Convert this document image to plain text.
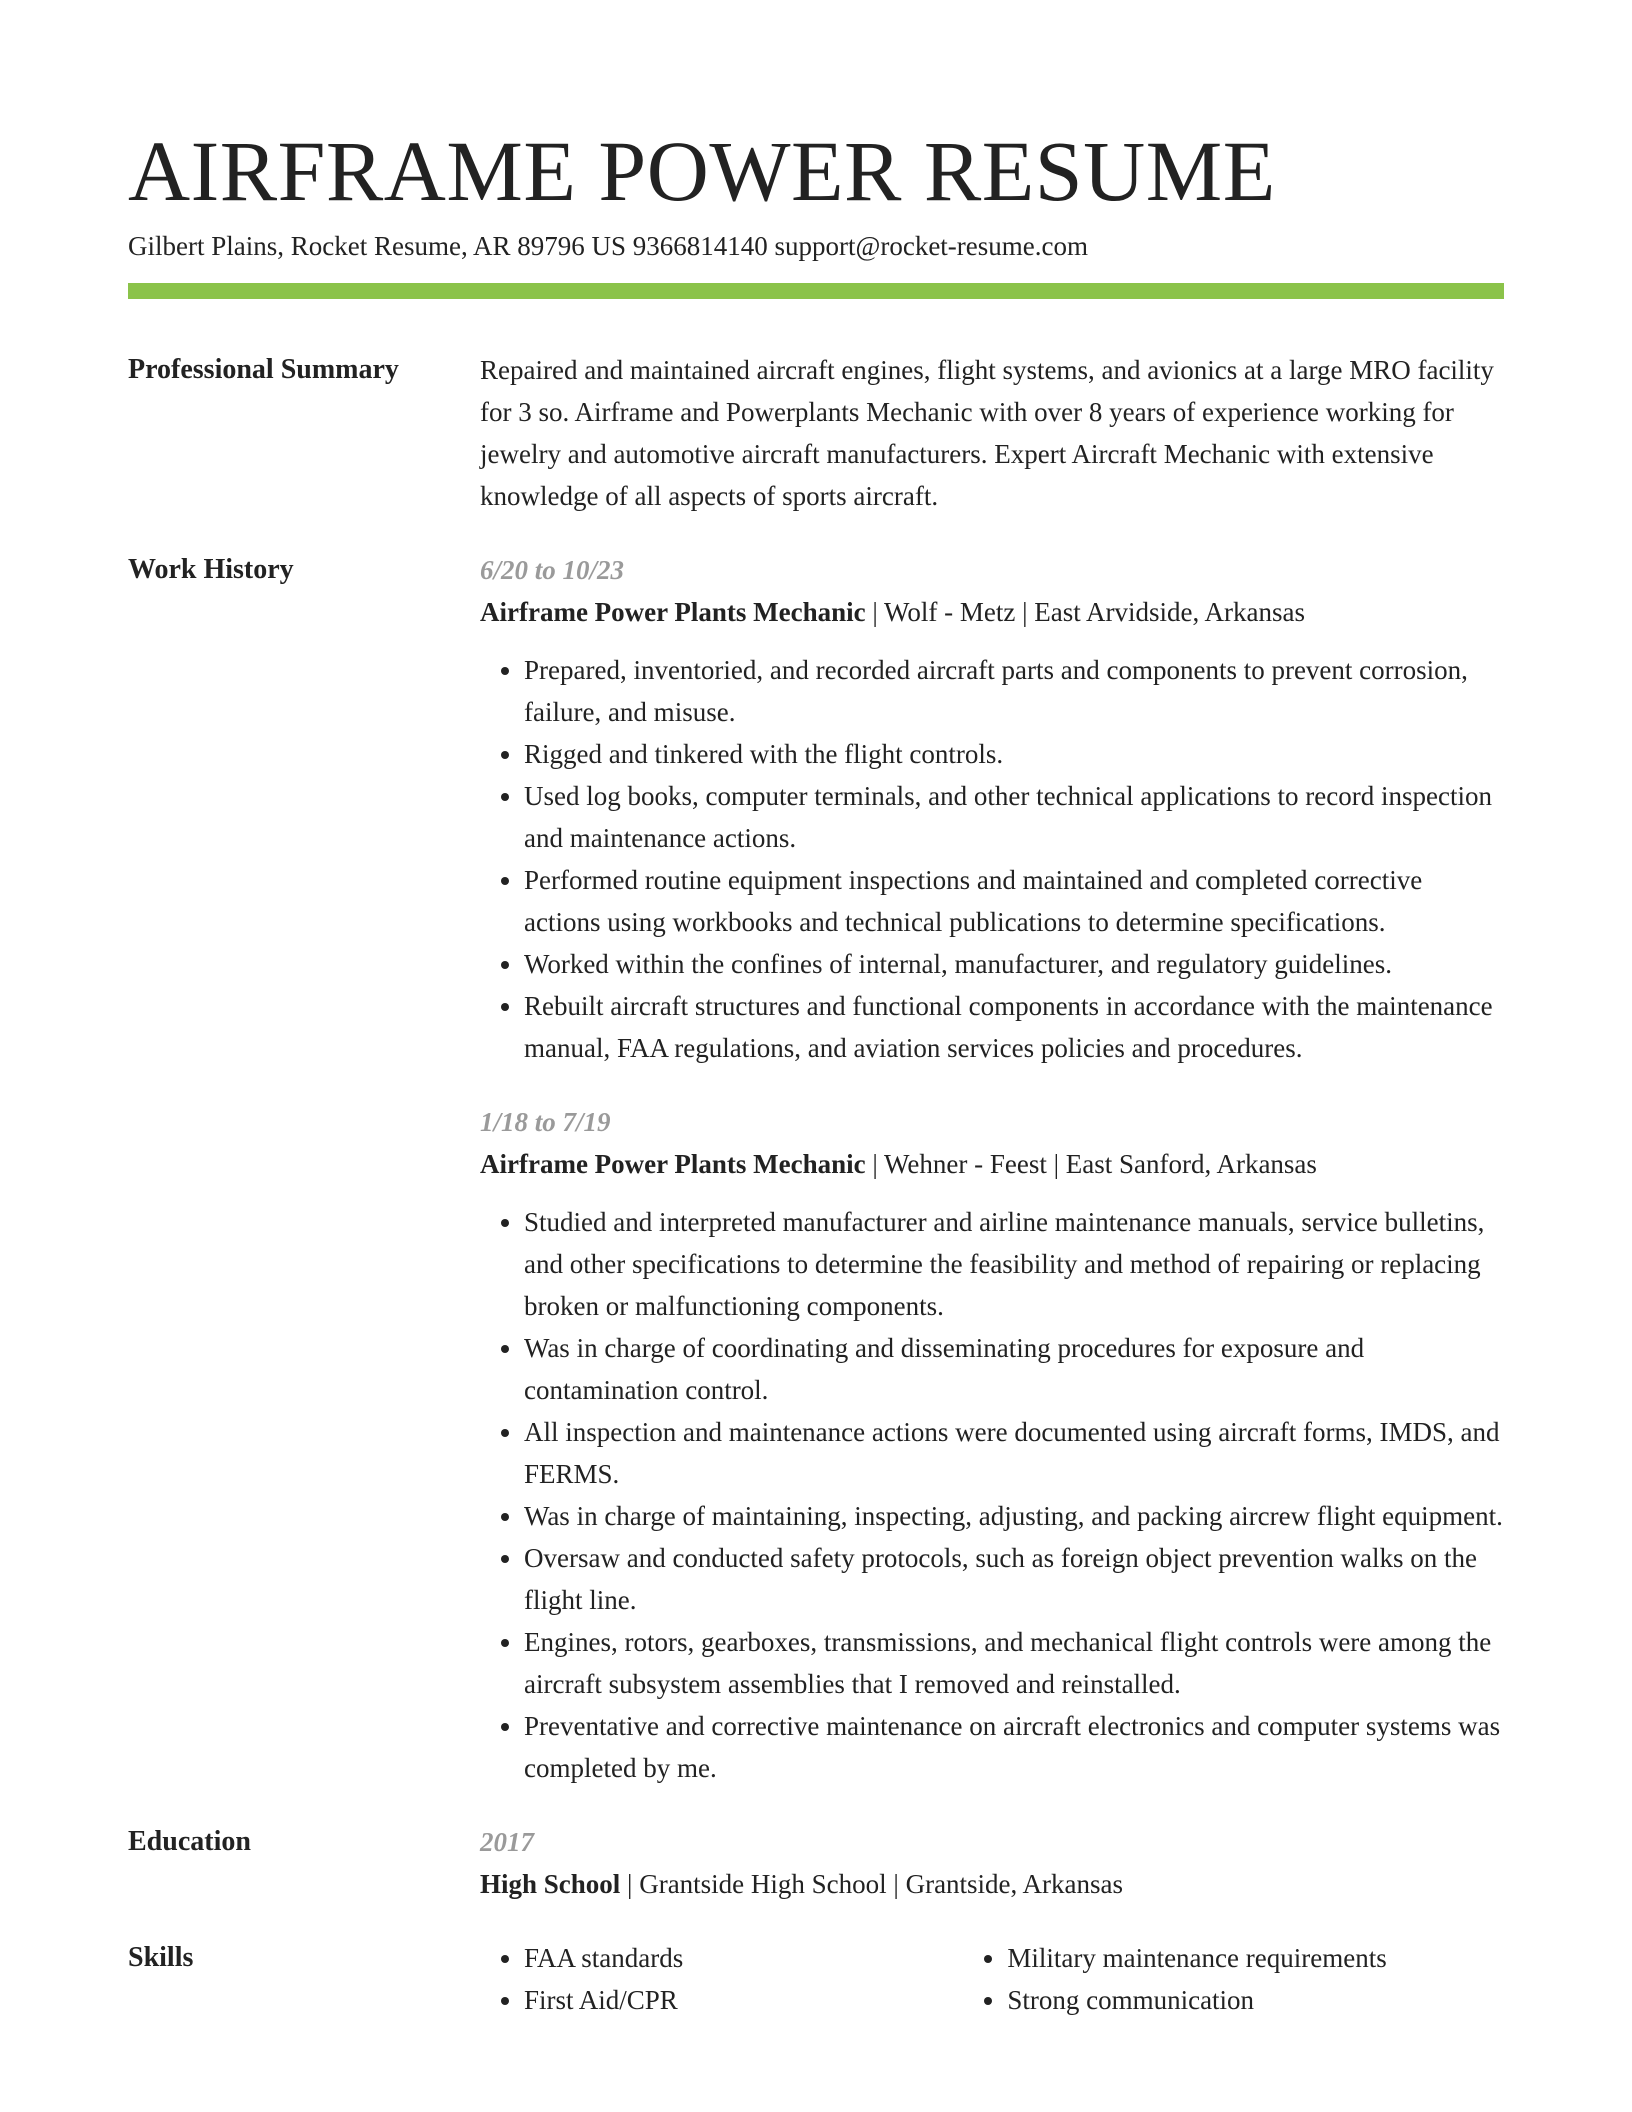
AIRFRAME POWER RESUME
Gilbert Plains, Rocket Resume, AR 89796 US 9366814140 support@rocket-resume.com
Professional Summary	Repaired and maintained aircraft engines, flight systems, and avionics at a large MRO facility for 3 so. Airframe and Powerplants Mechanic with over 8 years of experience working for jewelry and automotive aircraft manufacturers. Expert Aircraft Mechanic with extensive knowledge of all aspects of sports aircraft.
Work History	6/20 to 10/23
Airframe Power Plants Mechanic | Wolf - Metz | East Arvidside, Arkansas
• Prepared, inventoried, and recorded aircraft parts and components to prevent corrosion, failure, and misuse.
• Rigged and tinkered with the flight controls.
• Used log books, computer terminals, and other technical applications to record inspection and maintenance actions.
• Performed routine equipment inspections and maintained and completed corrective actions using workbooks and technical publications to determine specifications.
• Worked within the confines of internal, manufacturer, and regulatory guidelines.
• Rebuilt aircraft structures and functional components in accordance with the maintenance manual, FAA regulations, and aviation services policies and procedures.
1/18 to 7/19
Airframe Power Plants Mechanic | Wehner - Feest | East Sanford, Arkansas
• Studied and interpreted manufacturer and airline maintenance manuals, service bulletins, and other specifications to determine the feasibility and method of repairing or replacing broken or malfunctioning components.
• Was in charge of coordinating and disseminating procedures for exposure and contamination control.
• All inspection and maintenance actions were documented using aircraft forms, IMDS, and FERMS.
• Was in charge of maintaining, inspecting, adjusting, and packing aircrew flight equipment.
• Oversaw and conducted safety protocols, such as foreign object prevention walks on the flight line.
• Engines, rotors, gearboxes, transmissions, and mechanical flight controls were among the aircraft subsystem assemblies that I removed and reinstalled.
• Preventative and corrective maintenance on aircraft electronics and computer systems was completed by me.
Education	2017
High School | Grantside High School | Grantside, Arkansas
Skills
•	FAA standards
• First Aid/CPR
• Military maintenance requirements
• Strong communication
